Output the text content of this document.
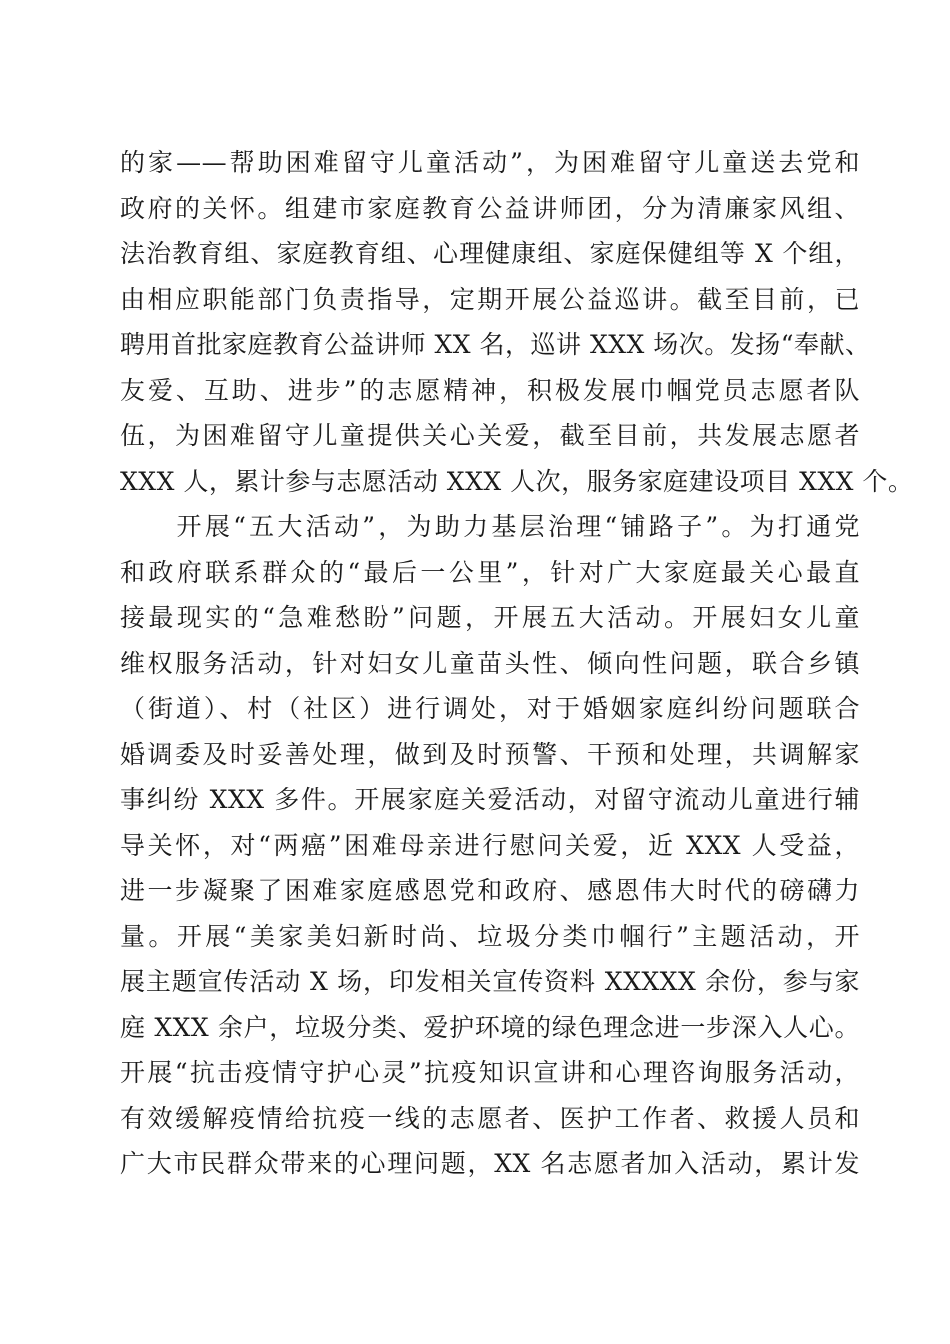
的家——帮助困难留守儿童活动”，为困难留守儿童送去党和
政府的关怀。组建市家庭教育公益讲师团，分为清廉家风组、
法治教育组、家庭教育组、心理健康组、家庭保健组等 X 个组，
由相应职能部门负责指导，定期开展公益巡讲。截至目前，已
聘用首批家庭教育公益讲师 XX 名，巡讲 XXX 场次。发扬“奉献、
友爱、互助、进步”的志愿精神，积极发展巾帼党员志愿者队
伍，为困难留守儿童提供关心关爱，截至目前，共发展志愿者
XXX 人，累计参与志愿活动 XXX 人次，服务家庭建设项目 XXX 个。
　　开展“五大活动”，为助力基层治理“铺路子”。为打通党
和政府联系群众的“最后一公里”，针对广大家庭最关心最直
接最现实的“急难愁盼”问题，开展五大活动。开展妇女儿童
维权服务活动，针对妇女儿童苗头性、倾向性问题，联合乡镇
（街道）、村（社区）进行调处，对于婚姻家庭纠纷问题联合
婚调委及时妥善处理，做到及时预警、干预和处理，共调解家
事纠纷 XXX 多件。开展家庭关爱活动，对留守流动儿童进行辅
导关怀，对“两癌”困难母亲进行慰问关爱，近 XXX 人受益，
进一步凝聚了困难家庭感恩党和政府、感恩伟大时代的磅礴力
量。开展“美家美妇新时尚、垃圾分类巾帼行”主题活动，开
展主题宣传活动 X 场，印发相关宣传资料 XXXXX 余份，参与家
庭 XXX 余户，垃圾分类、爱护环境的绿色理念进一步深入人心。
开展“抗击疫情守护心灵”抗疫知识宣讲和心理咨询服务活动，
有效缓解疫情给抗疫一线的志愿者、医护工作者、救援人员和
广大市民群众带来的心理问题，XX 名志愿者加入活动，累计发
